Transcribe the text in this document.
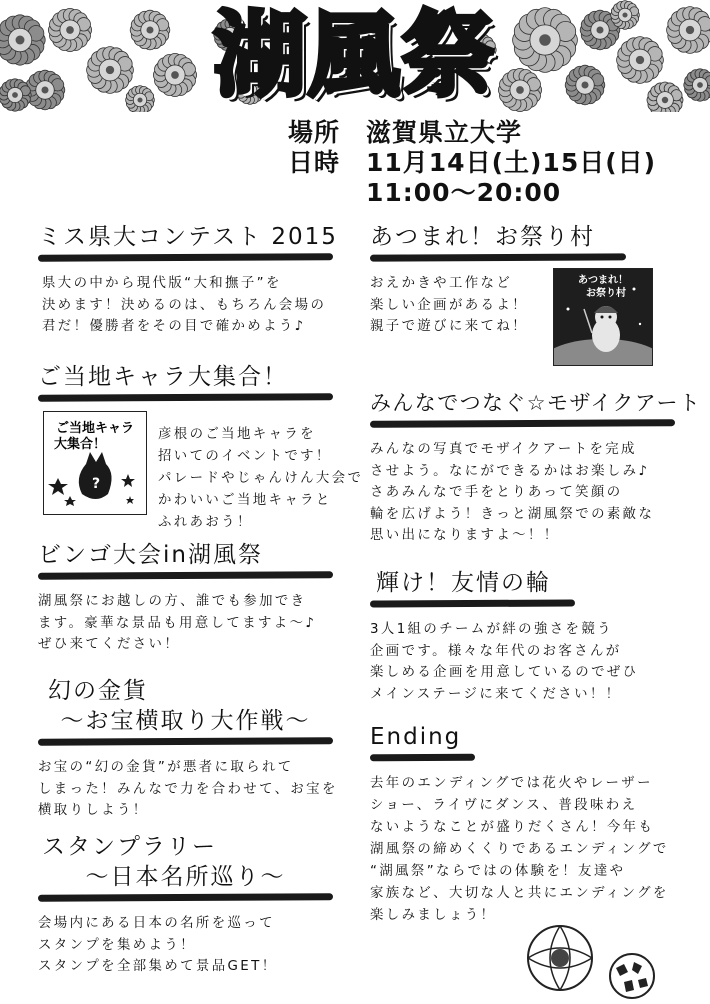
湖風祭
場所	滋賀県立大学
日時	11月14日(土)15日(日)
11:00〜20:00
ミス県大コンテスト 2015

県大の中から現代版“大和撫子”を

決めます！決めるのは、もちろん会場の

君だ！優勝者をその目で確かめよう♪

ご当地キャラ大集合！
ご当地キャラ
大集合！
?

彦根のご当地キャラを

招いてのイベントです！

パレードやじゃんけん大会で

かわいいご当地キャラと

ふれあおう！

ビンゴ大会in湖風祭

湖風祭にお越しの方、誰でも参加でき

ます。豪華な景品も用意してますよ〜♪

ぜひ来てください！

幻の金貨
〜お宝横取り大作戦〜

お宝の“幻の金貨”が悪者に取られて

しまった！みんなで力を合わせて、お宝を

横取りしよう！

スタンプラリー
〜日本名所巡り〜

会場内にある日本の名所を巡って

スタンプを集めよう！

スタンプを全部集めて景品GET！

あつまれ！お祭り村

おえかきや工作など

楽しい企画があるよ！

親子で遊びに来てね！

あつまれ！
お祭り村
みんなでつなぐ☆モザイクアート

みんなの写真でモザイクアートを完成

させよう。なにができるかはお楽しみ♪

さあみんなで手をとりあって笑顔の

輪を広げよう！きっと湖風祭での素敵な

思い出になりますよ〜！！

輝け！友情の輪

3人1組のチームが絆の強さを競う

企画です。様々な年代のお客さんが

楽しめる企画を用意しているのでぜひ

メインステージに来てください！！

Ending

去年のエンディングでは花火やレーザー

ショー、ライヴにダンス、普段味わえ

ないようなことが盛りだくさん！今年も

湖風祭の締めくくりであるエンディングで

“湖風祭”ならではの体験を！友達や

家族など、大切な人と共にエンディングを

楽しみましょう！
